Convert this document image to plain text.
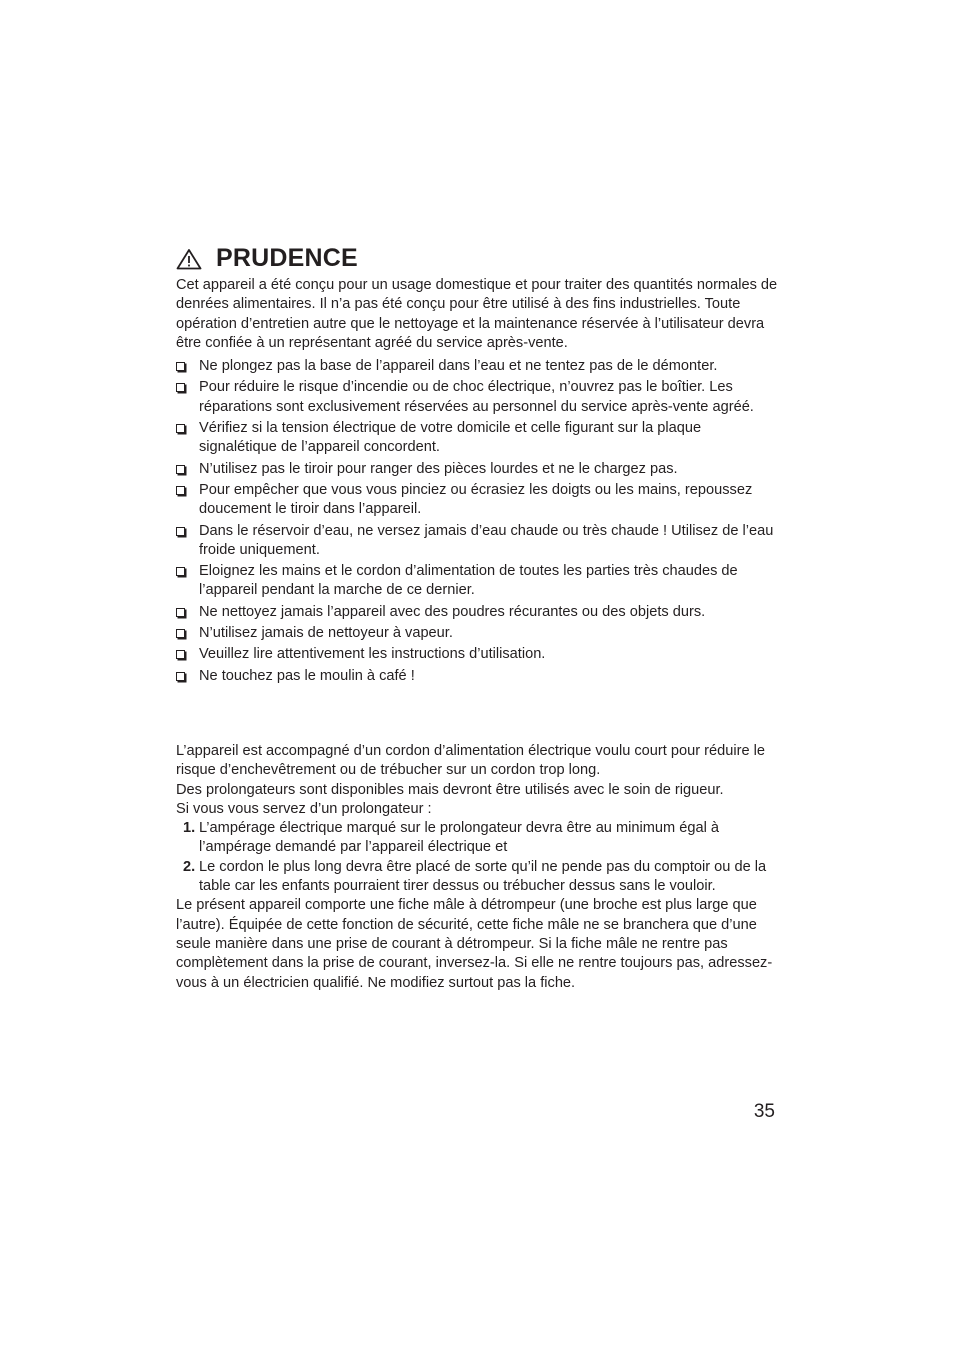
PRUDENCE

Cet appareil a été conçu pour un usage domestique et pour traiter des quantités normales de denrées alimentaires. Il n’a pas été conçu pour être utilisé à des fins industrielles. Toute opération d’entretien autre que le nettoyage et la maintenance réservée à l’utilisateur devra être confiée à un représentant agréé du service après-vente.

Ne plongez pas la base de l’appareil dans l’eau et ne tentez pas de le démonter.
Pour réduire le risque d’incendie ou de choc électrique, n’ouvrez pas le boîtier. Les réparations sont exclusivement réservées au personnel du service après-vente agréé.
Vérifiez si la tension électrique de votre domicile et celle figurant sur la plaque signalétique de l’appareil concordent.
N’utilisez pas le tiroir pour ranger des pièces lourdes et ne le chargez pas.
Pour empêcher que vous vous pinciez ou écrasiez les doigts ou les mains, repoussez doucement le tiroir dans l’appareil.
Dans le réservoir d’eau, ne versez jamais d’eau chaude ou très chaude ! Utilisez de l’eau froide uniquement.
Eloignez les mains et le cordon d’alimentation de toutes les parties très chaudes de l’appareil pendant la marche de ce dernier.
Ne nettoyez jamais l’appareil avec des poudres récurantes ou des objets durs.
N’utilisez jamais de nettoyeur à vapeur.
Veuillez lire attentivement les instructions d’utilisation.
Ne touchez pas le moulin à café !

L’appareil est accompagné d’un cordon d’alimentation électrique voulu court pour réduire le risque d’enchevêtrement ou de trébucher sur un cordon trop long.

Des prolongateurs sont disponibles mais devront être utilisés avec le soin de rigueur.

Si vous vous servez d’un prolongateur :

1. L’ampérage électrique marqué sur le prolongateur devra être au minimum égal à l’ampérage demandé par l’appareil électrique et
2. Le cordon le plus long devra être placé de sorte qu’il ne pende pas du comptoir ou de la table car les enfants pourraient tirer dessus ou trébucher dessus sans le vouloir.

Le présent appareil comporte une fiche mâle à détrompeur (une broche est plus large que l’autre). Équipée de cette fonction de sécurité, cette fiche mâle ne se branchera que d’une seule manière dans une prise de courant à détrompeur. Si la fiche mâle ne rentre pas complètement dans la prise de courant, inversez-la. Si elle ne rentre toujours pas, adressez-vous à un électricien qualifié. Ne modifiez surtout pas la fiche.

35
